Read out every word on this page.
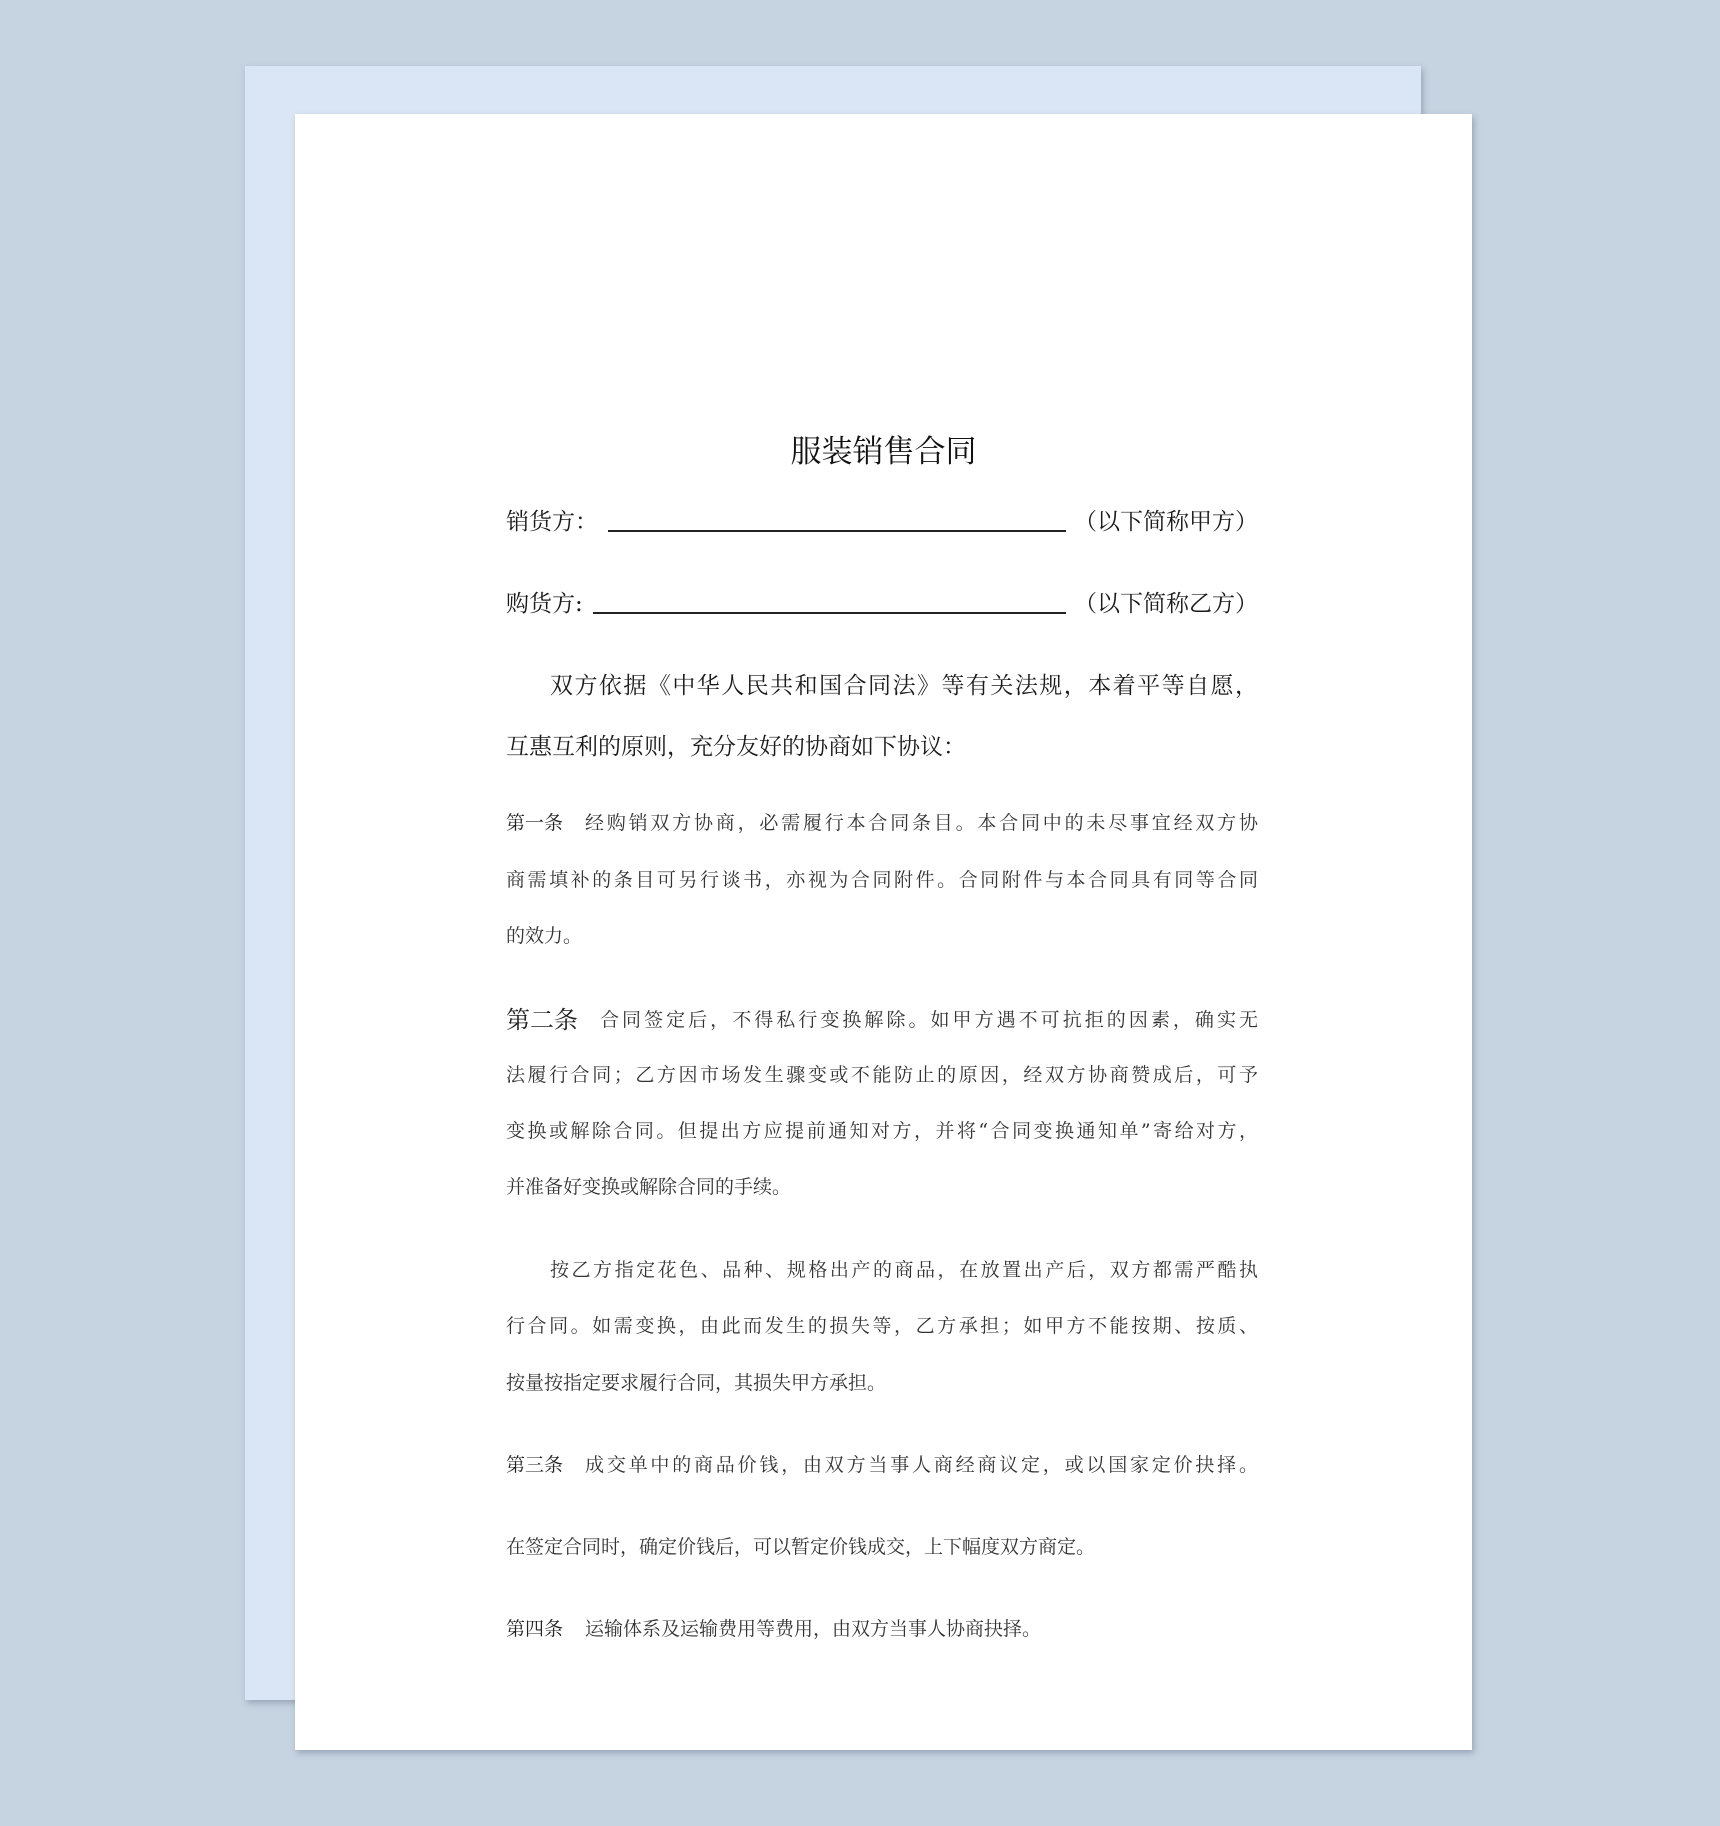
服装销售合同
销货方：	（以下简称甲方）
购货方:	（以下简称乙方）
双方依据《中华人民共和国合同法》等有关法规，本着平等自愿，
互惠互利的原则，充分友好的协商如下协议：
第一条 经购销双方协商，必需履行本合同条目。本合同中的未尽事宜经双方协
商需填补的条目可另行谈书，亦视为合同附件。合同附件与本合同具有同等合同
的效力。
第二条 合同签定后，不得私行变换解除。如甲方遇不可抗拒的因素，确实无
法履行合同；乙方因市场发生骤变或不能防止的原因，经双方协商赞成后，可予
变换或解除合同。但提出方应提前通知对方，并将“合同变换通知单”寄给对方，
并准备好变换或解除合同的手续。
按乙方指定花色、品种、规格出产的商品，在放置出产后，双方都需严酷执
行合同。如需变换，由此而发生的损失等，乙方承担；如甲方不能按期、按质、
按量按指定要求履行合同，其损失甲方承担。
第三条 成交单中的商品价钱，由双方当事人商经商议定，或以国家定价抉择。
在签定合同时，确定价钱后，可以暂定价钱成交，上下幅度双方商定。
第四条 运输体系及运输费用等费用，由双方当事人协商抉择。
